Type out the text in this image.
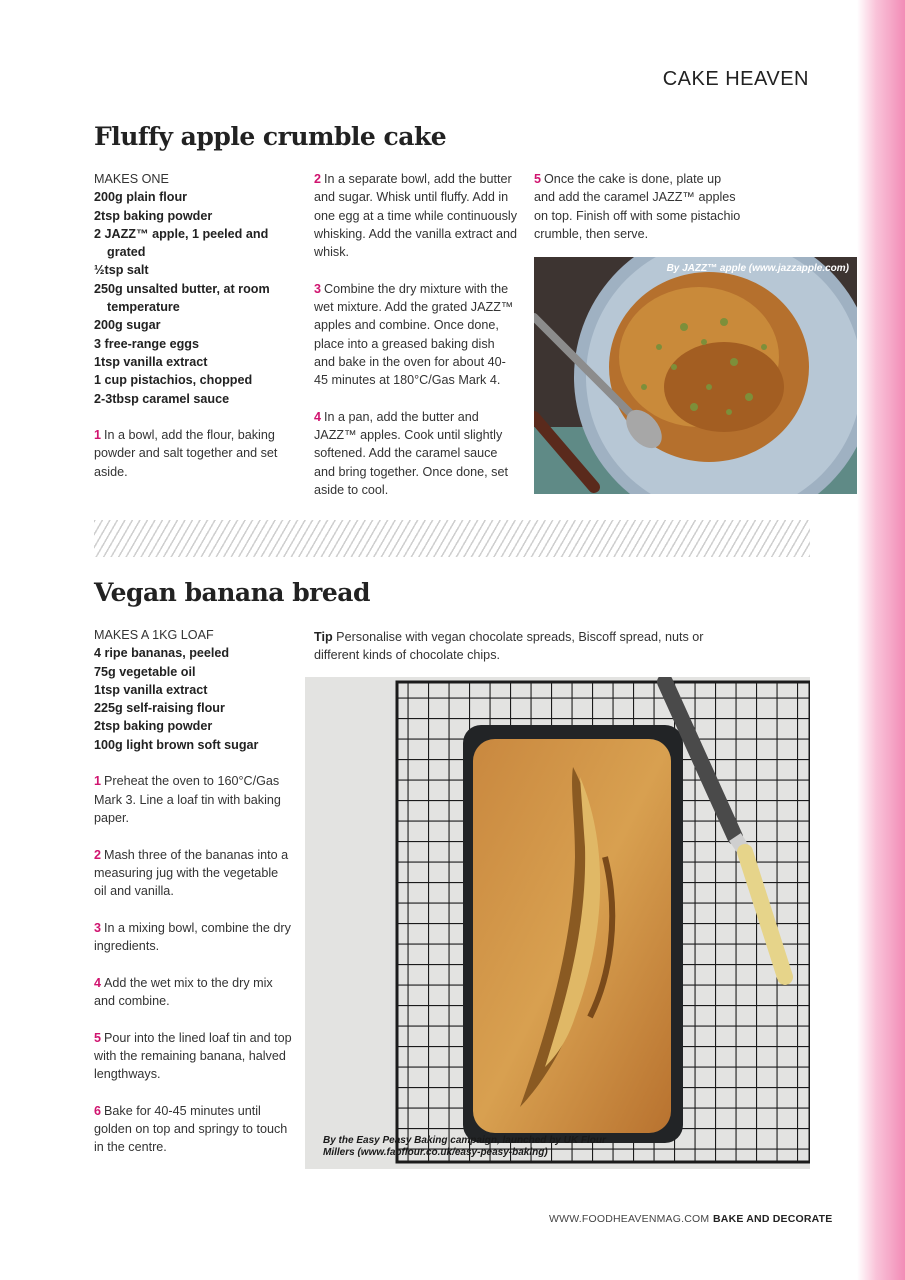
CAKE HEAVEN
Fluffy apple crumble cake
MAKES ONE
200g plain flour
2tsp baking powder
2 JAZZ™ apple, 1 peeled and grated
½tsp salt
250g unsalted butter, at room temperature
200g sugar
3 free-range eggs
1tsp vanilla extract
1 cup pistachios, chopped
2-3tbsp caramel sauce
1 In a bowl, add the flour, baking powder and salt together and set aside.
2 In a separate bowl, add the butter and sugar. Whisk until fluffy. Add in one egg at a time while continuously whisking. Add the vanilla extract and whisk.
3 Combine the dry mixture with the wet mixture. Add the grated JAZZ™ apples and combine. Once done, place into a greased baking dish and bake in the oven for about 40-45 minutes at 180°C/Gas Mark 4.
4 In a pan, add the butter and JAZZ™ apples. Cook until slightly softened. Add the caramel sauce and bring together. Once done, set aside to cool.
5 Once the cake is done, plate up and add the caramel JAZZ™ apples on top. Finish off with some pistachio crumble, then serve.
By JAZZ™ apple (www.jazzapple.com)
Vegan banana bread
MAKES A 1KG LOAF
4 ripe bananas, peeled
75g vegetable oil
1tsp vanilla extract
225g self-raising flour
2tsp baking powder
100g light brown soft sugar
1 Preheat the oven to 160°C/Gas Mark 3. Line a loaf tin with baking paper.
2 Mash three of the bananas into a measuring jug with the vegetable oil and vanilla.
3 In a mixing bowl, combine the dry ingredients.
4 Add the wet mix to the dry mix and combine.
5 Pour into the lined loaf tin and top with the remaining banana, halved lengthways.
6 Bake for 40-45 minutes until golden on top and springy to touch in the centre.
Tip Personalise with vegan chocolate spreads, Biscoff spread, nuts or different kinds of chocolate chips.
By the Easy Peasy Baking campaign, launched by UK Flour Millers (www.fabflour.co.uk/easy-peasy-baking)
WWW.FOODHEAVENMAG.COM BAKE AND DECORATE
